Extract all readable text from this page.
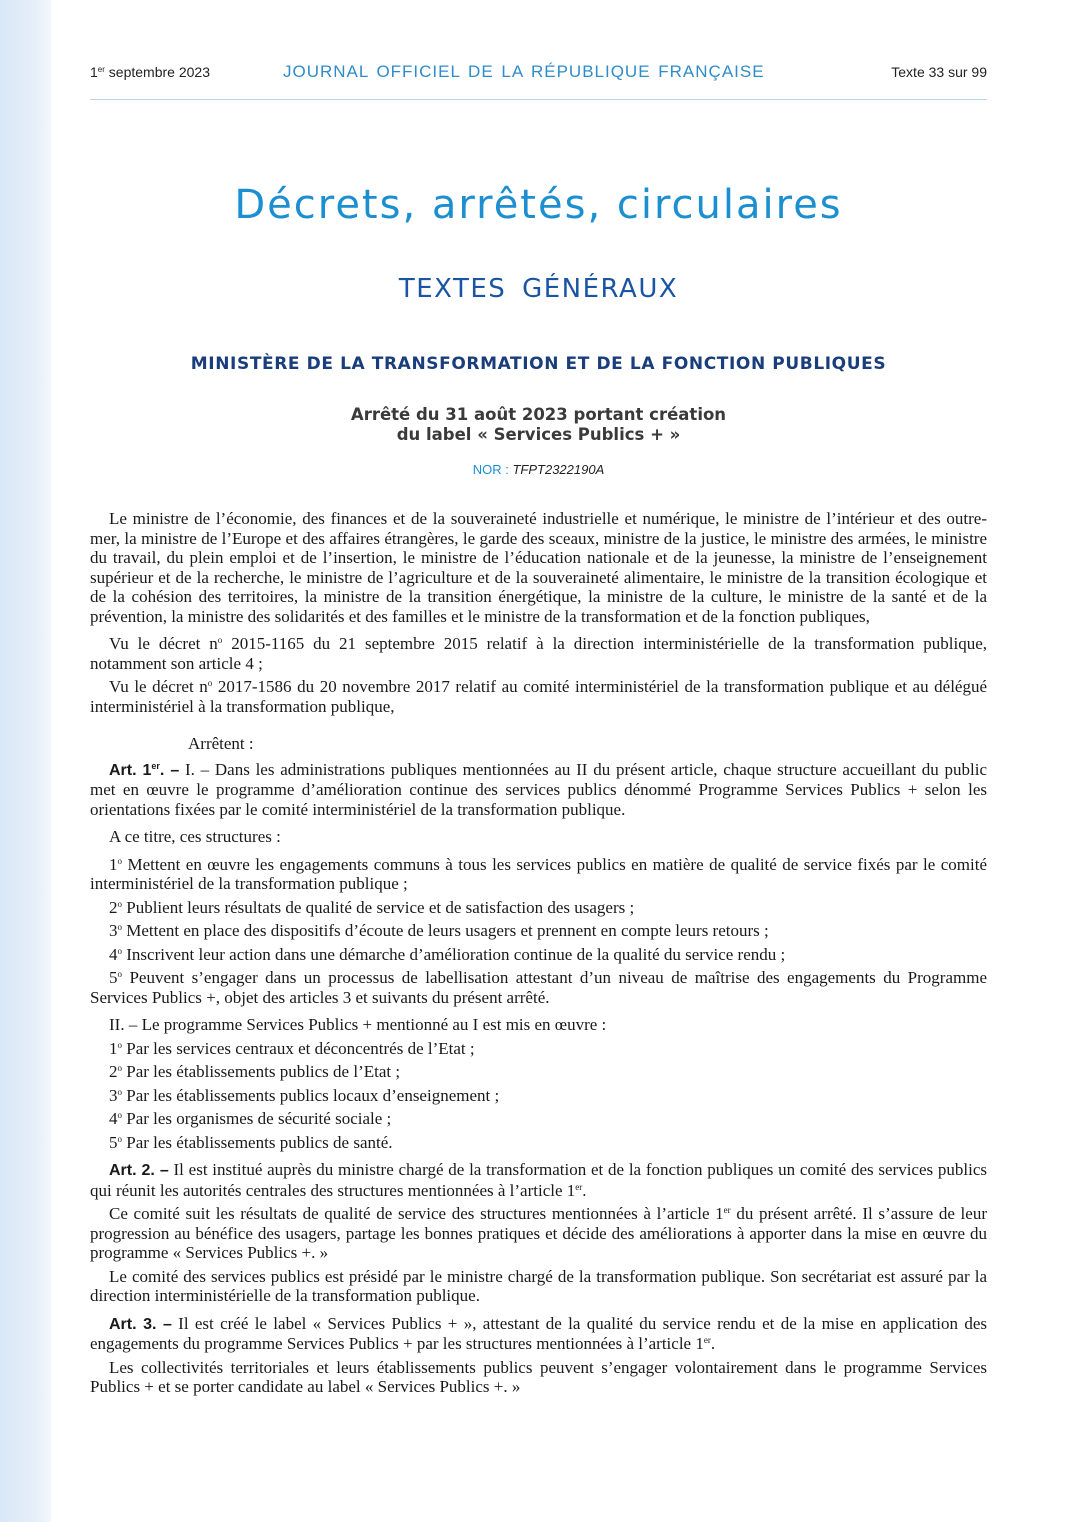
1er septembre 2023	JOURNAL OFFICIEL DE LA RÉPUBLIQUE FRANÇAISE	Texte 33 sur 99
Décrets, arrêtés, circulaires
TEXTES GÉNÉRAUX
MINISTÈRE DE LA TRANSFORMATION ET DE LA FONCTION PUBLIQUES
Arrêté du 31 août 2023 portant création
du label « Services Publics + »
NOR : TFPT2322190A

Le ministre de l’économie, des finances et de la souveraineté industrielle et numérique, le ministre de l’intérieur et des outre-mer, la ministre de l’Europe et des affaires étrangères, le garde des sceaux, ministre de la justice, le ministre des armées, le ministre du travail, du plein emploi et de l’insertion, le ministre de l’éducation nationale et de la jeunesse, la ministre de l’enseignement supérieur et de la recherche, le ministre de l’agriculture et de la souveraineté alimentaire, le ministre de la transition écologique et de la cohésion des territoires, la ministre de la transition énergétique, la ministre de la culture, le ministre de la santé et de la prévention, la ministre des solidarités et des familles et le ministre de la transformation et de la fonction publiques,

Vu le décret $n^o$ 2015-1165 du 21 septembre 2015 relatif à la direction interministérielle de la transformation publique, notamment son article 4 ;

Vu le décret $n^o$ 2017-1586 du 20 novembre 2017 relatif au comité interministériel de la transformation publique et au délégué interministériel à la transformation publique,

Arrêtent :

Art. 1er. – I. – Dans les administrations publiques mentionnées au II du présent article, chaque structure accueillant du public met en œuvre le programme d’amélioration continue des services publics dénommé Programme Services Publics + selon les orientations fixées par le comité interministériel de la transformation publique.

A ce titre, ces structures :

1$^o$ Mettent en œuvre les engagements communs à tous les services publics en matière de qualité de service fixés par le comité interministériel de la transformation publique ;

2$^o$ Publient leurs résultats de qualité de service et de satisfaction des usagers ;

3$^o$ Mettent en place des dispositifs d’écoute de leurs usagers et prennent en compte leurs retours ;

4$^o$ Inscrivent leur action dans une démarche d’amélioration continue de la qualité du service rendu ;

5$^o$ Peuvent s’engager dans un processus de labellisation attestant d’un niveau de maîtrise des engagements du Programme Services Publics +, objet des articles 3 et suivants du présent arrêté.

II. – Le programme Services Publics + mentionné au I est mis en œuvre :

1$^o$ Par les services centraux et déconcentrés de l’Etat ;

2$^o$ Par les établissements publics de l’Etat ;

3$^o$ Par les établissements publics locaux d’enseignement ;

4$^o$ Par les organismes de sécurité sociale ;

5$^o$ Par les établissements publics de santé.

Art. 2. – Il est institué auprès du ministre chargé de la transformation et de la fonction publiques un comité des services publics qui réunit les autorités centrales des structures mentionnées à l’article 1er.

Ce comité suit les résultats de qualité de service des structures mentionnées à l’article 1er du présent arrêté. Il s’assure de leur progression au bénéfice des usagers, partage les bonnes pratiques et décide des améliorations à apporter dans la mise en œuvre du programme « Services Publics +. »

Le comité des services publics est présidé par le ministre chargé de la transformation publique. Son secrétariat est assuré par la direction interministérielle de la transformation publique.

Art. 3. – Il est créé le label « Services Publics + », attestant de la qualité du service rendu et de la mise en application des engagements du programme Services Publics + par les structures mentionnées à l’article 1er.

Les collectivités territoriales et leurs établissements publics peuvent s’engager volontairement dans le programme Services Publics + et se porter candidate au label « Services Publics +. »
